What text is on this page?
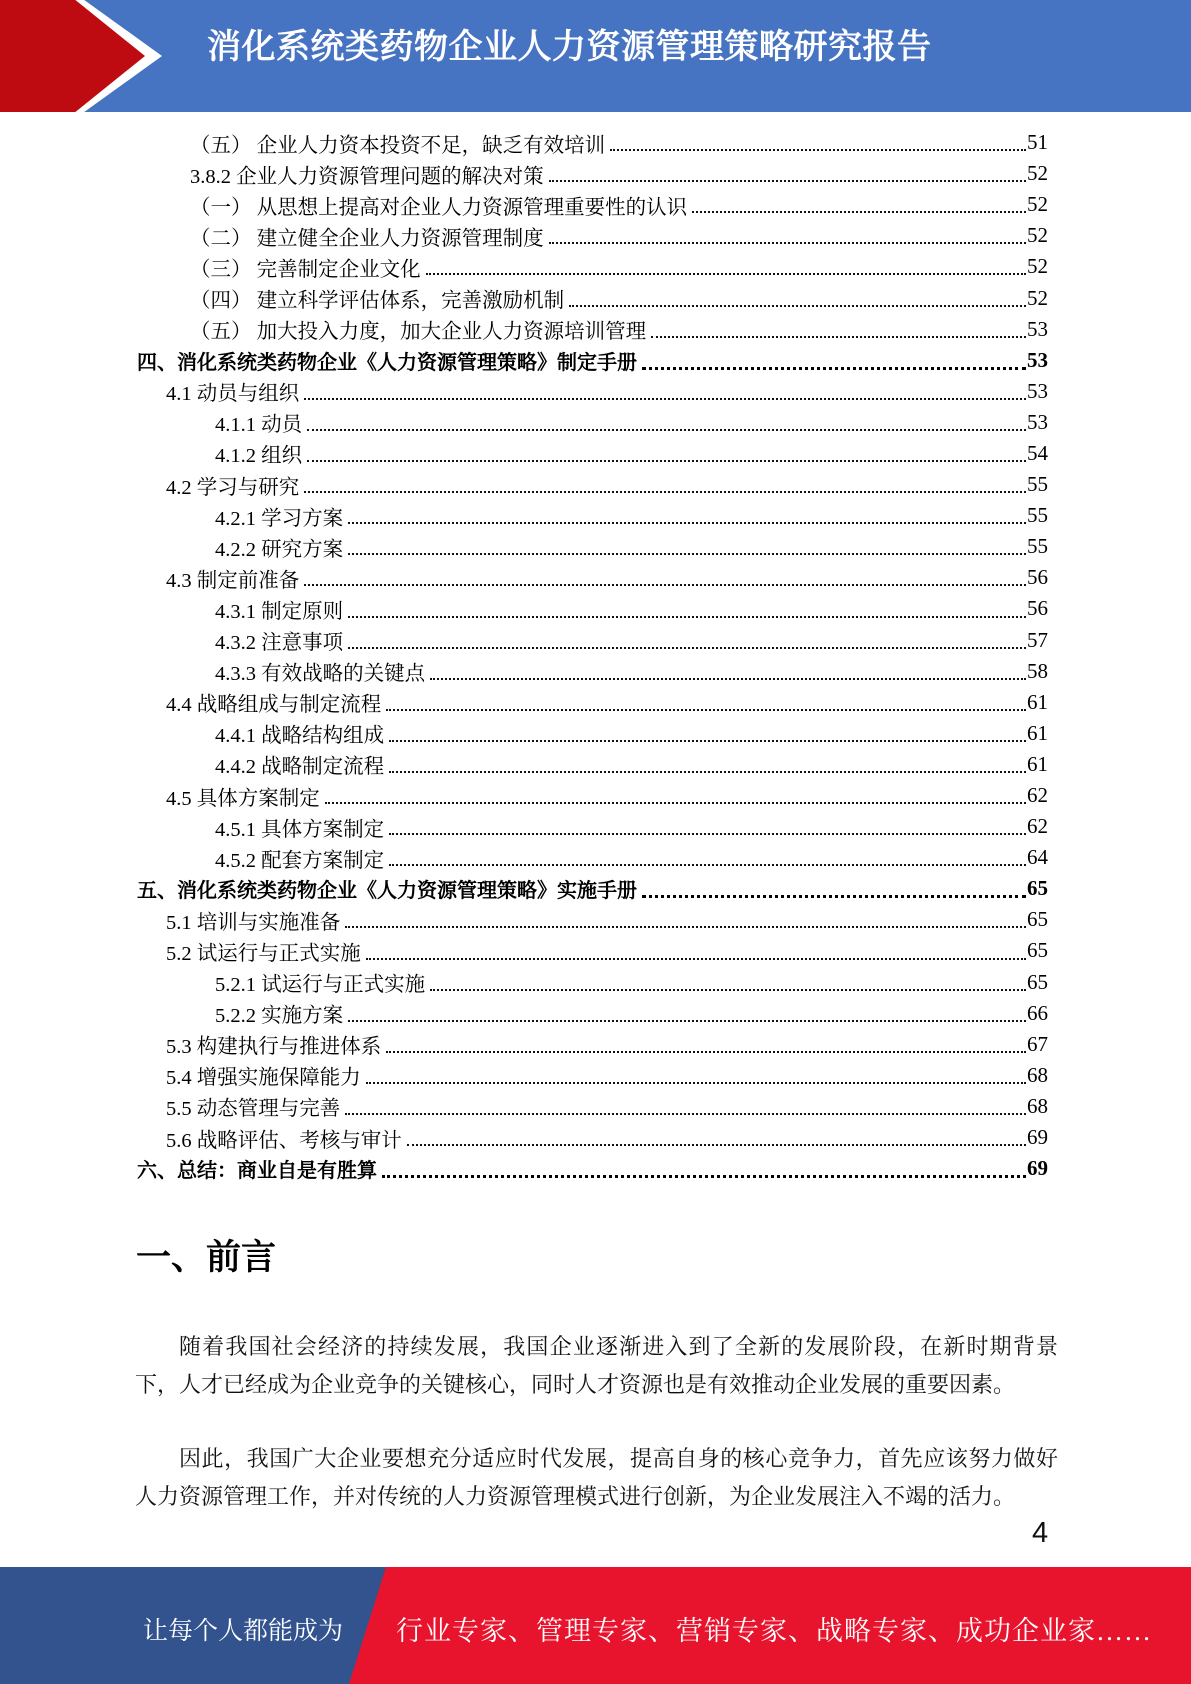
消化系统类药物企业人力资源管理策略研究报告
（五） 企业人力资本投资不足，缺乏有效培训	51
3.8.2 企业人力资源管理问题的解决对策	52
（一） 从思想上提高对企业人力资源管理重要性的认识	52
（二） 建立健全企业人力资源管理制度	52
（三） 完善制定企业文化	52
（四） 建立科学评估体系，完善激励机制	52
（五） 加大投入力度，加大企业人力资源培训管理	53
四、消化系统类药物企业《人力资源管理策略》制定手册	53
4.1 动员与组织	53
4.1.1 动员	53
4.1.2 组织	54
4.2 学习与研究	55
4.2.1 学习方案	55
4.2.2 研究方案	55
4.3 制定前准备	56
4.3.1 制定原则	56
4.3.2 注意事项	57
4.3.3 有效战略的关键点	58
4.4 战略组成与制定流程	61
4.4.1 战略结构组成	61
4.4.2 战略制定流程	61
4.5 具体方案制定	62
4.5.1 具体方案制定	62
4.5.2 配套方案制定	64
五、消化系统类药物企业《人力资源管理策略》实施手册	65
5.1 培训与实施准备	65
5.2 试运行与正式实施	65
5.2.1 试运行与正式实施	65
5.2.2 实施方案	66
5.3 构建执行与推进体系	67
5.4 增强实施保障能力	68
5.5 动态管理与完善	68
5.6 战略评估、考核与审计	69
六、总结：商业自是有胜算	69
一、前言
随着我国社会经济的持续发展，我国企业逐渐进入到了全新的发展阶段，在新时期背景下，人才已经成为企业竞争的关键核心，同时人才资源也是有效推动企业发展的重要因素。
因此，我国广大企业要想充分适应时代发展，提高自身的核心竞争力，首先应该努力做好人力资源管理工作，并对传统的人力资源管理模式进行创新，为企业发展注入不竭的活力。
4
让每个人都能成为 行业专家、管理专家、营销专家、战略专家、成功企业家……
